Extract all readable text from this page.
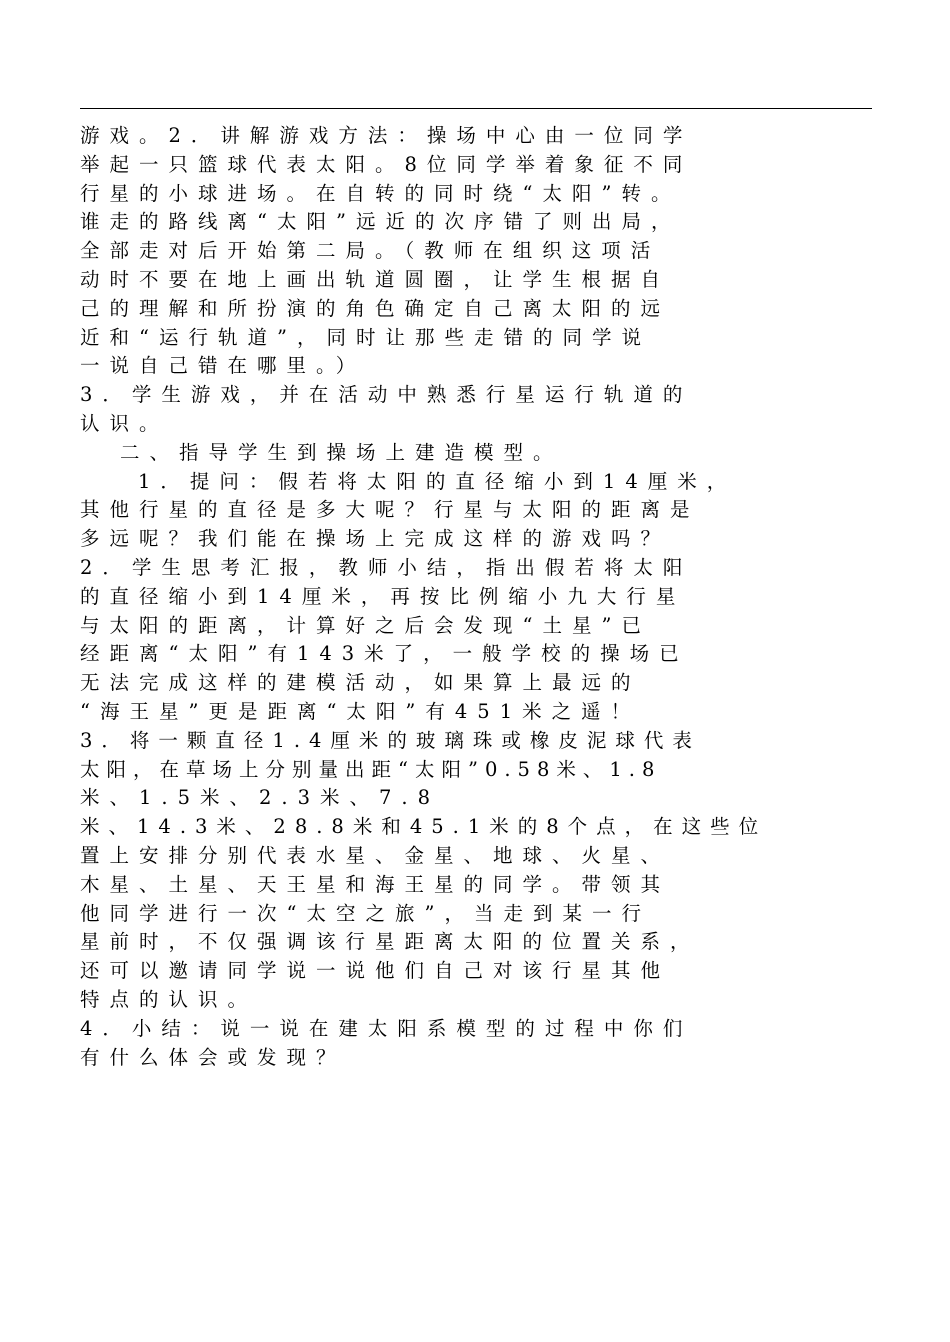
游戏。2．讲解游戏方法：操场中心由一位同学
举起一只篮球代表太阳。8位同学举着象征不同
行星的小球进场。在自转的同时绕“太阳”转。
谁走的路线离“太阳”远近的次序错了则出局，
全部走对后开始第二局。（教师在组织这项活
动时不要在地上画出轨道圆圈，让学生根据自
己的理解和所扮演的角色确定自己离太阳的远
近和“运行轨道”，同时让那些走错的同学说
一说自己错在哪里。）
3．学生游戏，并在活动中熟悉行星运行轨道的
认识。
二、指导学生到操场上建造模型。
1．提问：假若将太阳的直径缩小到14厘米，
其他行星的直径是多大呢？行星与太阳的距离是
多远呢？我们能在操场上完成这样的游戏吗？
2．学生思考汇报，教师小结，指出假若将太阳
的直径缩小到14厘米，再按比例缩小九大行星
与太阳的距离，计算好之后会发现“土星”已
经距离“太阳”有143米了，一般学校的操场已
无法完成这样的建模活动，如果算上最远的
“海王星”更是距离“太阳”有451米之遥！
3．将一颗直径1.4厘米的玻璃珠或橡皮泥球代表
太阳，在草场上分别量出距“太阳”0.58米、1.8
米、1.5米、2.3米、7.8
米、14.3米、28.8米和45.1米的8个点，在这些位
置上安排分别代表水星、金星、地球、火星、
木星、土星、天王星和海王星的同学。带领其
他同学进行一次“太空之旅”，当走到某一行
星前时，不仅强调该行星距离太阳的位置关系，
还可以邀请同学说一说他们自己对该行星其他
特点的认识。
4．小结：说一说在建太阳系模型的过程中你们
有什么体会或发现？
